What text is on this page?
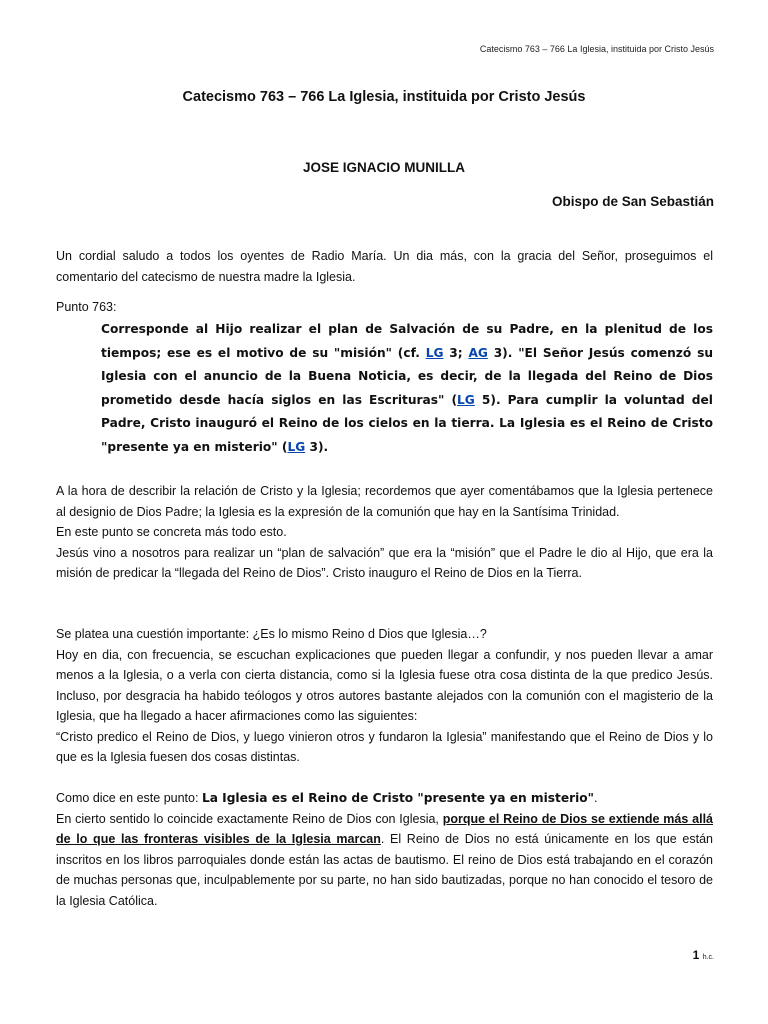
Catecismo 763 – 766 La Iglesia, instituida por Cristo Jesús
Catecismo 763 – 766 La Iglesia, instituida por Cristo Jesús
JOSE IGNACIO MUNILLA
Obispo de San Sebastián

Un cordial saludo a todos los oyentes de Radio María. Un dia más, con la gracia del Señor, proseguimos el comentario del catecismo de nuestra madre la Iglesia.

Punto 763:

Corresponde al Hijo realizar el plan de Salvación de su Padre, en la plenitud de los tiempos; ese es el motivo de su "misión" (cf. LG 3; AG 3). "El Señor Jesús comenzó su Iglesia con el anuncio de la Buena Noticia, es decir, de la llegada del Reino de Dios prometido desde hacía siglos en las Escrituras" (LG 5). Para cumplir la voluntad del Padre, Cristo inauguró el Reino de los cielos en la tierra. La Iglesia es el Reino de Cristo "presente ya en misterio" (LG 3).

A la hora de describir la relación de Cristo y la Iglesia; recordemos que ayer comentábamos que la Iglesia pertenece al designio de Dios Padre; la Iglesia es la expresión de la comunión que hay en la Santísima Trinidad.

En este punto se concreta más todo esto.

Jesús vino a nosotros para realizar un “plan de salvación” que era la “misión” que el Padre le dio al Hijo, que era la misión de predicar la “llegada del Reino de Dios”. Cristo inauguro el Reino de Dios en la Tierra.

Se platea una cuestión importante: ¿Es lo mismo Reino d Dios que Iglesia…?

Hoy en dia, con frecuencia, se escuchan explicaciones que pueden llegar a confundir, y nos pueden llevar a amar menos a la Iglesia, o a verla con cierta distancia, como si la Iglesia fuese otra cosa distinta de la que predico Jesús. Incluso, por desgracia ha habido teólogos y otros autores bastante alejados con la comunión con el magisterio de la Iglesia, que ha llegado a hacer afirmaciones como las siguientes:

“Cristo predico el Reino de Dios, y luego vinieron otros y fundaron la Iglesia” manifestando que el Reino de Dios y lo que es la Iglesia fuesen dos cosas distintas.

Como dice en este punto: La Iglesia es el Reino de Cristo "presente ya en misterio".

En cierto sentido lo coincide exactamente Reino de Dios con Iglesia, porque el Reino de Dios se extiende más allá de lo que las fronteras visibles de la Iglesia marcan. El Reino de Dios no está únicamente en los que están inscritos en los libros parroquiales donde están las actas de bautismo. El reino de Dios está trabajando en el corazón de muchas personas que, inculpablemente por su parte, no han sido bautizadas, porque no han conocido el tesoro de la Iglesia Católica.

1 h.c.
